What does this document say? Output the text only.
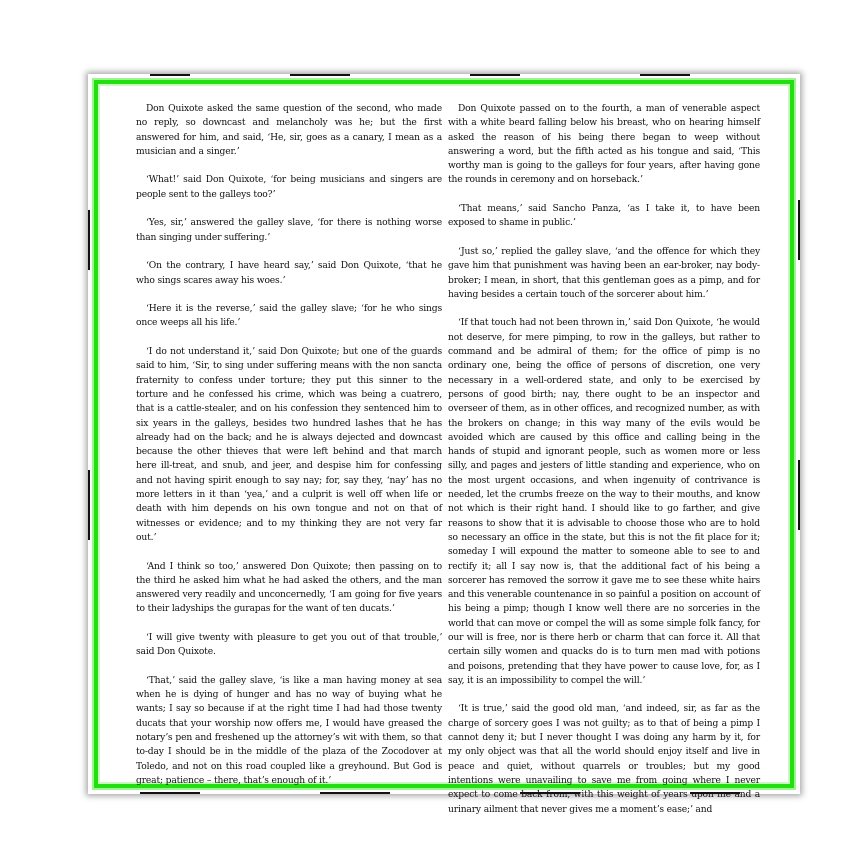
Don Quixote asked the same question of the second, who made no reply, so downcast and melancholy was he; but the first answered for him, and said, ʻHe, sir, goes as a canary, I mean as a musician and a singer.ʼ

ʻWhat!ʼ said Don Quixote, ʻfor being musicians and singers are people sent to the galleys too?ʼ

ʻYes, sir,ʼ answered the galley slave, ʻfor there is nothing worse than singing under suffering.ʼ

ʻOn the contrary, I have heard say,ʼ said Don Quixote, ʻthat he who sings scares away his woes.ʼ

ʻHere it is the reverse,ʼ said the galley slave; ʻfor he who sings once weeps all his life.ʼ

ʻI do not understand it,ʼ said Don Quixote; but one of the guards said to him, ʻSir, to sing under suffering means with the non sancta fraternity to confess under torture; they put this sinner to the torture and he confessed his crime, which was being a cuatrero, that is a cattle-stealer, and on his confession they sentenced him to six years in the galleys, besides two hundred lashes that he has already had on the back; and he is always dejected and downcast because the other thieves that were left behind and that march here ill-treat, and snub, and jeer, and despise him for confessing and not having spirit enough to say nay; for, say they, ʻnayʼ has no more letters in it than ʻyea,ʼ and a culprit is well off when life or death with him depends on his own tongue and not on that of witnesses or evidence; and to my thinking they are not very far out.ʼ

ʻAnd I think so too,ʼ answered Don Quixote; then passing on to the third he asked him what he had asked the others, and the man answered very readily and unconcernedly, ʻI am going for five years to their ladyships the gurapas for the want of ten ducats.ʼ

ʻI will give twenty with pleasure to get you out of that trouble,ʼ said Don Quixote.

ʻThat,ʼ said the galley slave, ʻis like a man having money at sea when he is dying of hunger and has no way of buying what he wants; I say so because if at the right time I had had those twenty ducats that your worship now offers me, I would have greased the notaryʼs pen and freshened up the attorneyʼs wit with them, so that to-day I should be in the middle of the plaza of the Zocodover at Toledo, and not on this road coupled like a greyhound. But God is great; patience – there, thatʼs enough of it.ʼ

Don Quixote passed on to the fourth, a man of venerable aspect with a white beard falling below his breast, who on hearing himself asked the reason of his being there began to weep without answering a word, but the fifth acted as his tongue and said, ʻThis worthy man is going to the galleys for four years, after having gone the rounds in ceremony and on horseback.ʼ

ʻThat means,ʼ said Sancho Panza, ʻas I take it, to have been exposed to shame in public.ʼ

ʻJust so,ʼ replied the galley slave, ʻand the offence for which they gave him that punishment was having been an ear-broker, nay body-broker; I mean, in short, that this gentleman goes as a pimp, and for having besides a certain touch of the sorcerer about him.ʼ

ʻIf that touch had not been thrown in,ʼ said Don Quixote, ʻhe would not deserve, for mere pimping, to row in the galleys, but rather to command and be admiral of them; for the office of pimp is no ordinary one, being the office of persons of discretion, one very necessary in a well-ordered state, and only to be exercised by persons of good birth; nay, there ought to be an inspector and overseer of them, as in other offices, and recognized number, as with the brokers on change; in this way many of the evils would be avoided which are caused by this office and calling being in the hands of stupid and ignorant people, such as women more or less silly, and pages and jesters of little standing and experience, who on the most urgent occasions, and when ingenuity of contrivance is needed, let the crumbs freeze on the way to their mouths, and know not which is their right hand. I should like to go farther, and give reasons to show that it is advisable to choose those who are to hold so necessary an office in the state, but this is not the fit place for it; someday I will expound the matter to someone able to see to and rectify it; all I say now is, that the additional fact of his being a sorcerer has removed the sorrow it gave me to see these white hairs and this venerable countenance in so painful a position on account of his being a pimp; though I know well there are no sorceries in the world that can move or compel the will as some simple folk fancy, for our will is free, nor is there herb or charm that can force it. All that certain silly women and quacks do is to turn men mad with potions and poisons, pretending that they have power to cause love, for, as I say, it is an impossibility to compel the will.ʼ

ʻIt is true,ʼ said the good old man, ʻand indeed, sir, as far as the charge of sorcery goes I was not guilty; as to that of being a pimp I cannot deny it; but I never thought I was doing any harm by it, for my only object was that all the world should enjoy itself and live in peace and quiet, without quarrels or troubles; but my good intentions were unavailing to save me from going where I never expect to come back from, with this weight of years upon me and a urinary ailment that never gives me a momentʼs ease;ʼ and
